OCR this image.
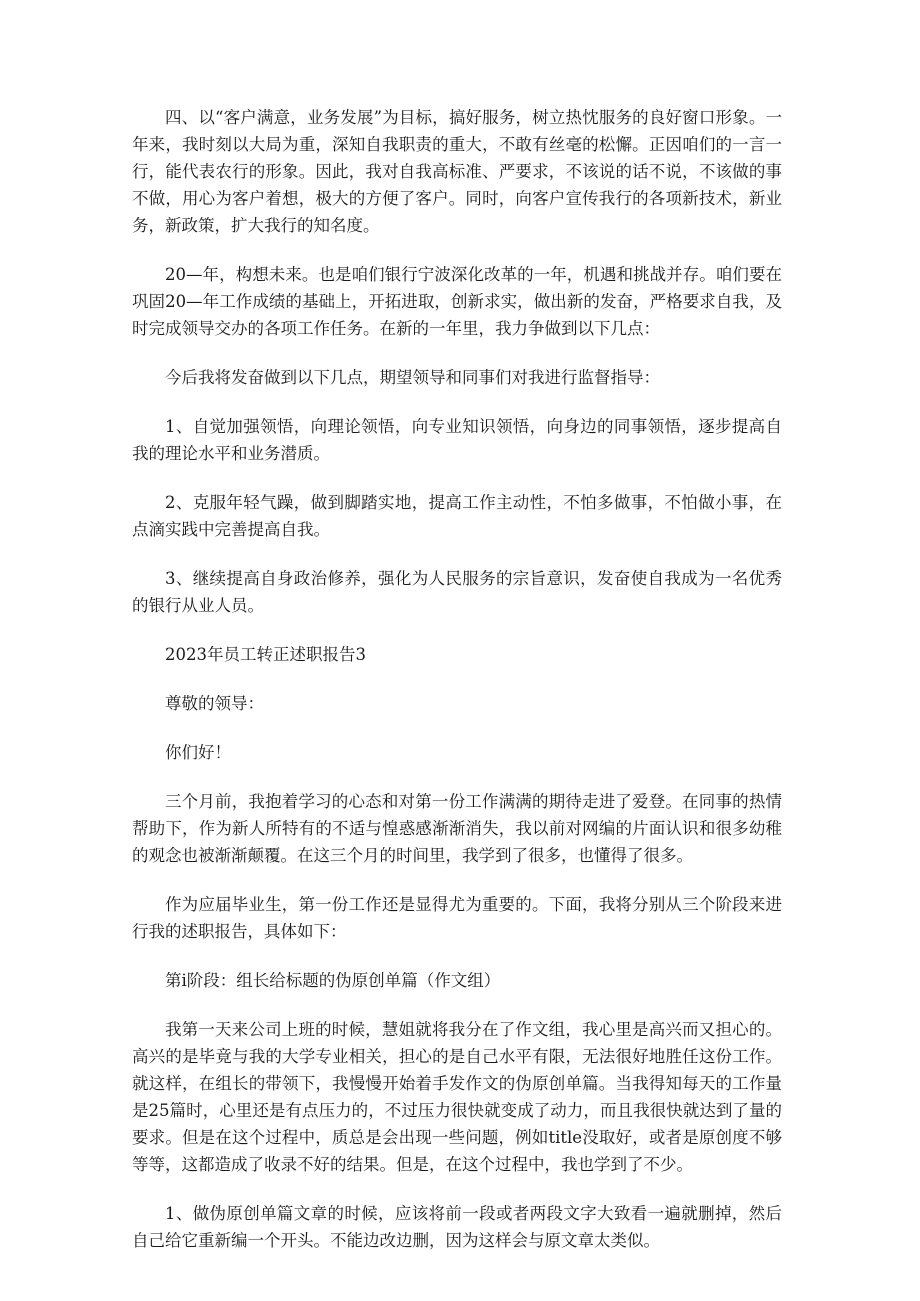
四、以“客户满意，业务发展”为目标，搞好服务，树立热忱服务的良好窗口形象。一年来，我时刻以大局为重，深知自我职责的重大，不敢有丝毫的松懈。正因咱们的一言一行，能代表农行的形象。因此，我对自我高标准、严要求，不该说的话不说，不该做的事不做，用心为客户着想，极大的方便了客户。同时，向客户宣传我行的各项新技术，新业务，新政策，扩大我行的知名度。

20—年，构想未来。也是咱们银行宁波深化改革的一年，机遇和挑战并存。咱们要在巩固20—年工作成绩的基础上，开拓进取，创新求实，做出新的发奋，严格要求自我，及时完成领导交办的各项工作任务。在新的一年里，我力争做到以下几点：

今后我将发奋做到以下几点，期望领导和同事们对我进行监督指导：

1、自觉加强领悟，向理论领悟，向专业知识领悟，向身边的同事领悟，逐步提高自我的理论水平和业务潜质。

2、克服年轻气躁，做到脚踏实地，提高工作主动性，不怕多做事，不怕做小事，在点滴实践中完善提高自我。

3、继续提高自身政治修养，强化为人民服务的宗旨意识，发奋使自我成为一名优秀的银行从业人员。

2023年员工转正述职报告3

尊敬的领导：

你们好！

三个月前，我抱着学习的心态和对第一份工作满满的期待走进了爱登。在同事的热情帮助下，作为新人所特有的不适与惶惑感渐渐消失，我以前对网编的片面认识和很多幼稚的观念也被渐渐颠覆。在这三个月的时间里，我学到了很多，也懂得了很多。

作为应届毕业生，第一份工作还是显得尤为重要的。下面，我将分别从三个阶段来进行我的述职报告，具体如下：

第i阶段：组长给标题的伪原创单篇（作文组）

我第一天来公司上班的时候，慧姐就将我分在了作文组，我心里是高兴而又担心的。高兴的是毕竟与我的大学专业相关，担心的是自己水平有限，无法很好地胜任这份工作。就这样，在组长的带领下，我慢慢开始着手发作文的伪原创单篇。当我得知每天的工作量是25篇时，心里还是有点压力的，不过压力很快就变成了动力，而且我很快就达到了量的要求。但是在这个过程中，质总是会出现一些问题，例如title没取好，或者是原创度不够等等，这都造成了收录不好的结果。但是，在这个过程中，我也学到了不少。

1、做伪原创单篇文章的时候，应该将前一段或者两段文字大致看一遍就删掉，然后自己给它重新编一个开头。不能边改边删，因为这样会与原文章太类似。
